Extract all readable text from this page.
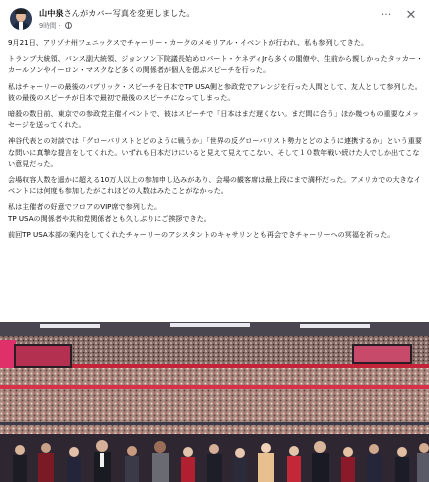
山中泉さんがカバー写真を変更しました。
9時間 ·
··· ✕

9月21日、アリゾナ州フェニックスでチャーリー・カークのメモリアル・イベントが行われ、私も参列してきた。

トランプ大統領、バンス副大統領、ジョンソン下院議長始めロバート・ケネディJrら多くの閣僚や、生前から親しかったタッカー・カールソンやイーロン・マスクなど多くの関係者が個人を偲ぶスピーチを行った。

私はチャーリーの最後のパブリック・スピーチを日本でTP USA側と参政党でアレンジを行った人間として、友人として参列した。彼の最後のスピーチが日本で最初で最後のスピーチになってしまった。

暗殺の数日前、東京での参政党主催イベントで、彼はスピーチで「日本はまだ遅くない。まだ間に合う」ほか幾つもの重要なメッセージを送ってくれた。

神谷代表との対談では「グローバリストとどのように戦うか」「世界の反グローバリスト勢力とどのように連携するか」という重要な問いに真摯な提言をしてくれた。いずれも日本だけにいると見えて見えてこない、そして１０数年戦い続けた人でしか出てこない意見だった。

会場収容人数を遥かに超える10万人以上の参加申し込みがあり、会場の観客席は最上段にまで満杯だった。アメリカでの大きなイベントには何度も参加したがこれほどの人数はみたことがなかった。

私は主催者の好意でフロアのVIP席で参列した。
TP USAの関係者や共和党関係者とも久しぶりにご挨拶できた。

前回TP USA本部の案内をしてくれたチャーリーのアシスタントのキャサリンとも再会できチャーリーへの冥福を祈った。
